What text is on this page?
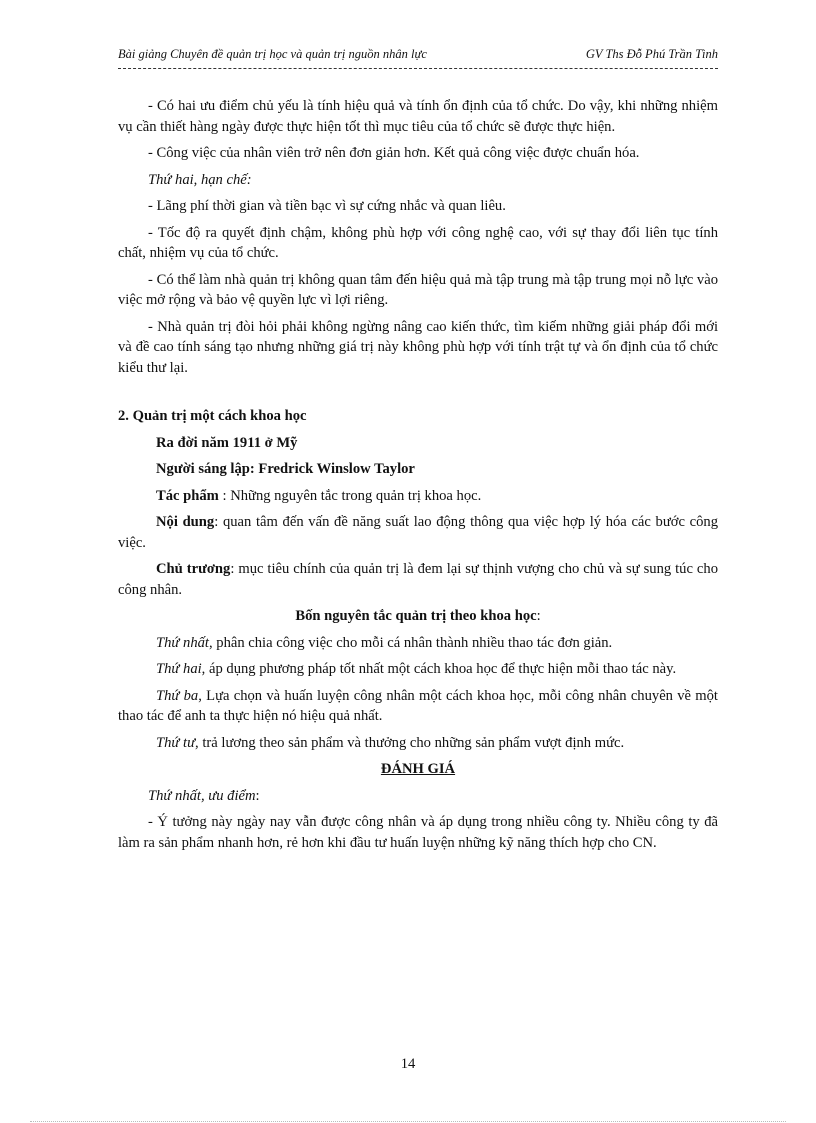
Bài giảng Chuyên đề quản trị học và quản trị nguồn nhân lực	GV Ths Đỗ Phú Trần Tình

- Có hai ưu điểm chủ yếu là tính hiệu quả và tính ổn định của tổ chức. Do vậy, khi những nhiệm vụ cần thiết hàng ngày được thực hiện tốt thì mục tiêu của tổ chức sẽ được thực hiện.

- Công việc của nhân viên trở nên đơn giản hơn. Kết quả công việc được chuẩn hóa.

Thứ hai, hạn chế:

- Lãng phí thời gian và tiền bạc vì sự cứng nhắc và quan liêu.

- Tốc độ ra quyết định chậm, không phù hợp với công nghệ cao, với sự thay đổi liên tục tính chất, nhiệm vụ của tổ chức.

- Có thể làm nhà quản trị không quan tâm đến hiệu quả mà tập trung mà tập trung mọi nỗ lực vào việc mở rộng và bảo vệ quyền lực vì lợi riêng.

- Nhà quản trị đòi hỏi phải không ngừng nâng cao kiến thức, tìm kiếm những giải pháp đổi mới và đề cao tính sáng tạo nhưng những giá trị này không phù hợp với tính trật tự và ổn định của tổ chức kiểu thư lại.

2. Quản trị một cách khoa học

Ra đời năm 1911 ở Mỹ

Người sáng lập: Fredrick Winslow Taylor

Tác phẩm : Những nguyên tắc trong quản trị khoa học.

Nội dung: quan tâm đến vấn đề năng suất lao động thông qua việc hợp lý hóa các bước công việc.

Chủ trương: mục tiêu chính của quản trị là đem lại sự thịnh vượng cho chủ và sự sung túc cho công nhân.

Bốn nguyên tắc quản trị theo khoa học:

Thứ nhất, phân chia công việc cho mỗi cá nhân thành nhiều thao tác đơn giản.

Thứ hai, áp dụng phương pháp tốt nhất một cách khoa học để thực hiện mỗi thao tác này.

Thứ ba, Lựa chọn và huấn luyện công nhân một cách khoa học, mỗi công nhân chuyên về một thao tác để anh ta thực hiện nó hiệu quả nhất.

Thứ tư, trả lương theo sản phẩm và thưởng cho những sản phẩm vượt định mức.

ĐÁNH GIÁ

Thứ nhất, ưu điểm:

- Ý tưởng này ngày nay vẫn được công nhân và áp dụng trong nhiều công ty. Nhiều công ty đã làm ra sản phẩm nhanh hơn, rẻ hơn khi đầu tư huấn luyện những kỹ năng thích hợp cho CN.

14
